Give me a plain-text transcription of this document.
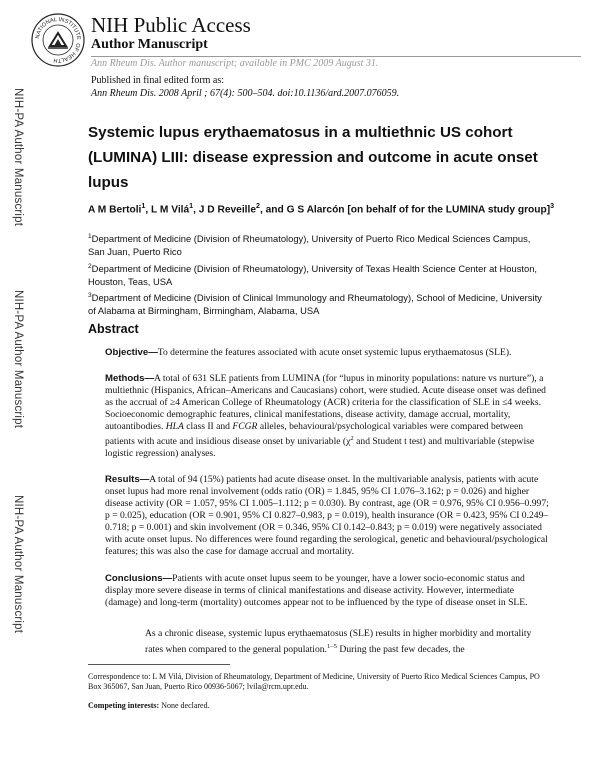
NIH-PA Author Manuscript
NIH-PA Author Manuscript
NIH-PA Author Manuscript
NATIONAL INSTITUTE
OF HEALTH
NIH Public Access
Author Manuscript
Ann Rheum Dis. Author manuscript; available in PMC 2009 August 31.
Published in final edited form as:
Ann Rheum Dis. 2008 April ; 67(4): 500–504. doi:10.1136/ard.2007.076059.
Systemic lupus erythaematosus in a multiethnic US cohort (LUMINA) LIII: disease expression and outcome in acute onset lupus
A M Bertoli$^1$, L M Vilá$^1$, J D Reveille$^2$, and G S Alarcón [on behalf of for the LUMINA study group]$^3$
$^1$Department of Medicine (Division of Rheumatology), University of Puerto Rico Medical Sciences Campus, San Juan, Puerto Rico
$^2$Department of Medicine (Division of Rheumatology), University of Texas Health Science Center at Houston, Houston, Teas, USA
$^3$Department of Medicine (Division of Clinical Immunology and Rheumatology), School of Medicine, University of Alabama at Birmingham, Birmingham, Alabama, USA
Abstract
Objective—To determine the features associated with acute onset systemic lupus erythaematosus (SLE).
Methods—A total of 631 SLE patients from LUMINA (for “lupus in minority populations: nature vs nurture”), a multiethnic (Hispanics, African–Americans and Caucasians) cohort, were studied. Acute disease onset was defined as the accrual of ≥4 American College of Rheumatology (ACR) criteria for the classification of SLE in ≤4 weeks. Socioeconomic demographic features, clinical manifestations, disease activity, damage accrual, mortality, autoantibodies. HLA class II and FCGR alleles, behavioural/psychological variables were compared between patients with acute and insidious disease onset by univariable ($\chi^2$ and Student t test) and multivariable (stepwise logistic regression) analyses.
Results—A total of 94 (15%) patients had acute disease onset. In the multivariable analysis, patients with acute onset lupus had more renal involvement (odds ratio (OR) = 1.845, 95% CI 1.076–3.162; p = 0.026) and higher disease activity (OR = 1.057, 95% CI 1.005–1.112; p = 0.030). By contrast, age (OR = 0.976, 95% CI 0.956–0.997; p = 0.025), education (OR = 0.901, 95% CI 0.827–0.983, p = 0.019), health insurance (OR = 0.423, 95% CI 0.249–0.718; p = 0.001) and skin involvement (OR = 0.346, 95% CI 0.142–0.843; p = 0.019) were negatively associated with acute onset lupus. No differences were found regarding the serological, genetic and behavioural/psychological features; this was also the case for damage accrual and mortality.
Conclusions—Patients with acute onset lupus seem to be younger, have a lower socio-economic status and display more severe disease in terms of clinical manifestations and disease activity. However, intermediate (damage) and long-term (mortality) outcomes appear not to be influenced by the type of disease onset in SLE.
As a chronic disease, systemic lupus erythaematosus (SLE) results in higher morbidity and mortality rates when compared to the general population.$^{1-5}$ During the past few decades, the
Correspondence to: L M Vilá, Division of Rheumatology, Department of Medicine, University of Puerto Rico Medical Sciences Campus, PO Box 365067, San Juan, Puerto Rico 00936-5067; lvila@rcm.upr.edu.
Competing interests: None declared.
